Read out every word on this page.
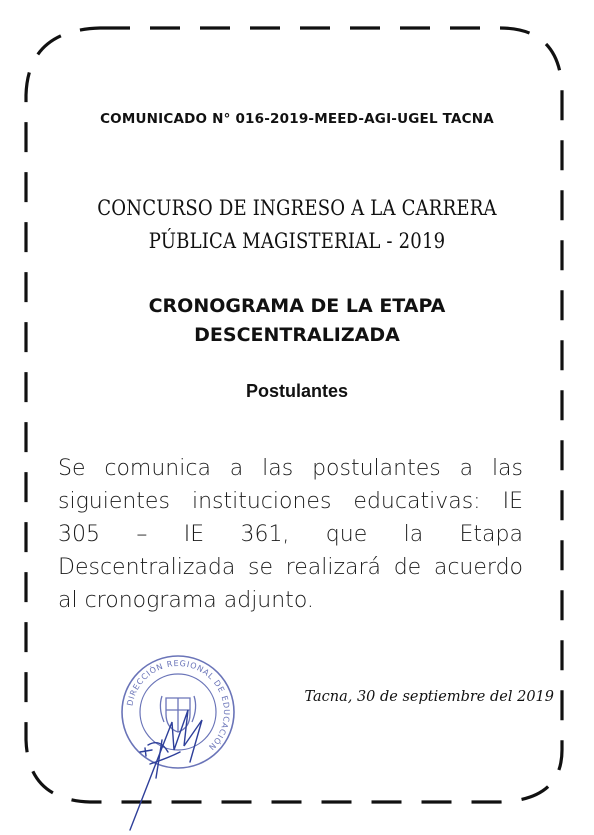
COMUNICADO N° 016-2019-MEED-AGI-UGEL TACNA
CONCURSO DE INGRESO A LA CARRERA
PÚBLICA MAGISTERIAL - 2019
CRONOGRAMA DE LA ETAPA
DESCENTRALIZADA
Postulantes
Se comunica a las postulantes a las siguientes instituciones educativas: IE 305 – IE 361, que la Etapa Descentralizada se realizará de acuerdo al cronograma adjunto.
Tacna, 30 de septiembre del 2019
DIRECCIÓN REGIONAL DE EDUCACIÓN
